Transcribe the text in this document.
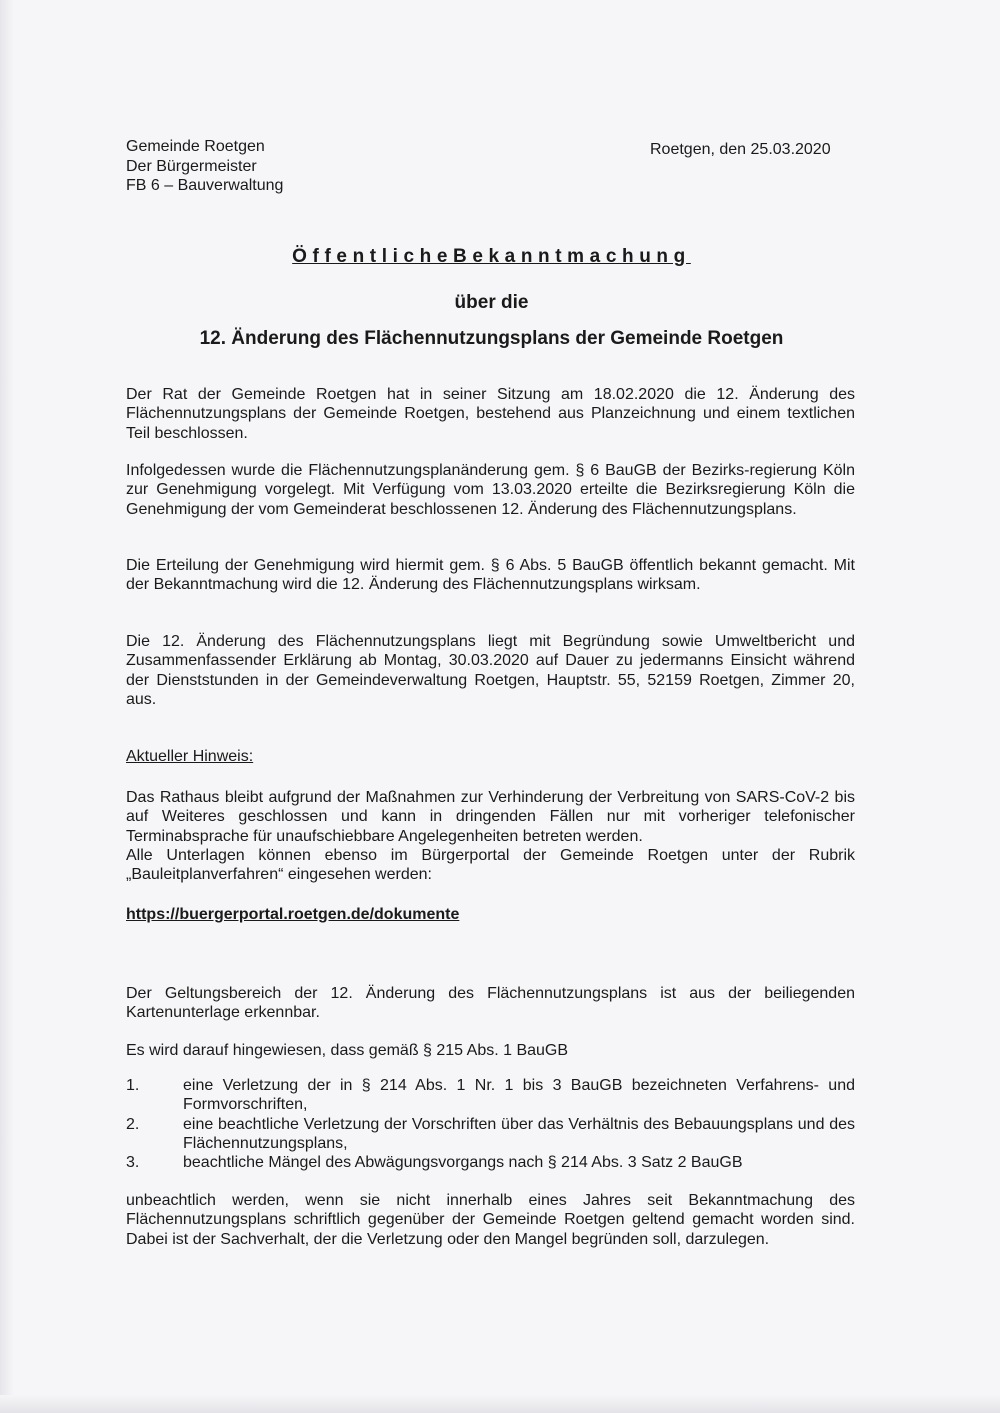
Gemeinde Roetgen
Der Bürgermeister
FB 6 – Bauverwaltung
Roetgen, den 25.03.2020
ÖffentlicheBekanntmachung
über die
12. Änderung des Flächennutzungsplans der Gemeinde Roetgen
Der Rat der Gemeinde Roetgen hat in seiner Sitzung am 18.02.2020 die 12. Änderung des Flächennutzungsplans der Gemeinde Roetgen, bestehend aus Planzeichnung und einem textlichen Teil beschlossen.
Infolgedessen wurde die Flächennutzungsplanänderung gem. § 6 BauGB der Bezirks-regierung Köln zur Genehmigung vorgelegt. Mit Verfügung vom 13.03.2020 erteilte die Bezirksregierung Köln die Genehmigung der vom Gemeinderat beschlossenen 12. Änderung des Flächennutzungsplans.
Die Erteilung der Genehmigung wird hiermit gem. § 6 Abs. 5 BauGB öffentlich bekannt gemacht. Mit der Bekanntmachung wird die 12. Änderung des Flächennutzungsplans wirksam.
Die 12. Änderung des Flächennutzungsplans liegt mit Begründung sowie Umweltbericht und Zusammenfassender Erklärung ab Montag, 30.03.2020 auf Dauer zu jedermanns Einsicht während der Dienststunden in der Gemeindeverwaltung Roetgen, Hauptstr. 55, 52159 Roetgen, Zimmer 20, aus.
Aktueller Hinweis:
Das Rathaus bleibt aufgrund der Maßnahmen zur Verhinderung der Verbreitung von SARS-CoV-2 bis auf Weiteres geschlossen und kann in dringenden Fällen nur mit vorheriger telefonischer Terminabsprache für unaufschiebbare Angelegenheiten betreten werden.
Alle Unterlagen können ebenso im Bürgerportal der Gemeinde Roetgen unter der Rubrik „Bauleitplanverfahren“ eingesehen werden:
https://buergerportal.roetgen.de/dokumente
Der Geltungsbereich der 12. Änderung des Flächennutzungsplans ist aus der beiliegenden Kartenunterlage erkennbar.
Es wird darauf hingewiesen, dass gemäß § 215 Abs. 1 BauGB
1.	eine Verletzung der in § 214 Abs. 1 Nr. 1 bis 3 BauGB bezeichneten Verfahrens- und Formvorschriften,
2.	eine beachtliche Verletzung der Vorschriften über das Verhältnis des Bebauungsplans und des Flächennutzungsplans,
3.	beachtliche Mängel des Abwägungsvorgangs nach § 214 Abs. 3 Satz 2 BauGB
unbeachtlich werden, wenn sie nicht innerhalb eines Jahres seit Bekanntmachung des Flächennutzungsplans schriftlich gegenüber der Gemeinde Roetgen geltend gemacht worden sind. Dabei ist der Sachverhalt, der die Verletzung oder den Mangel begründen soll, darzulegen.
